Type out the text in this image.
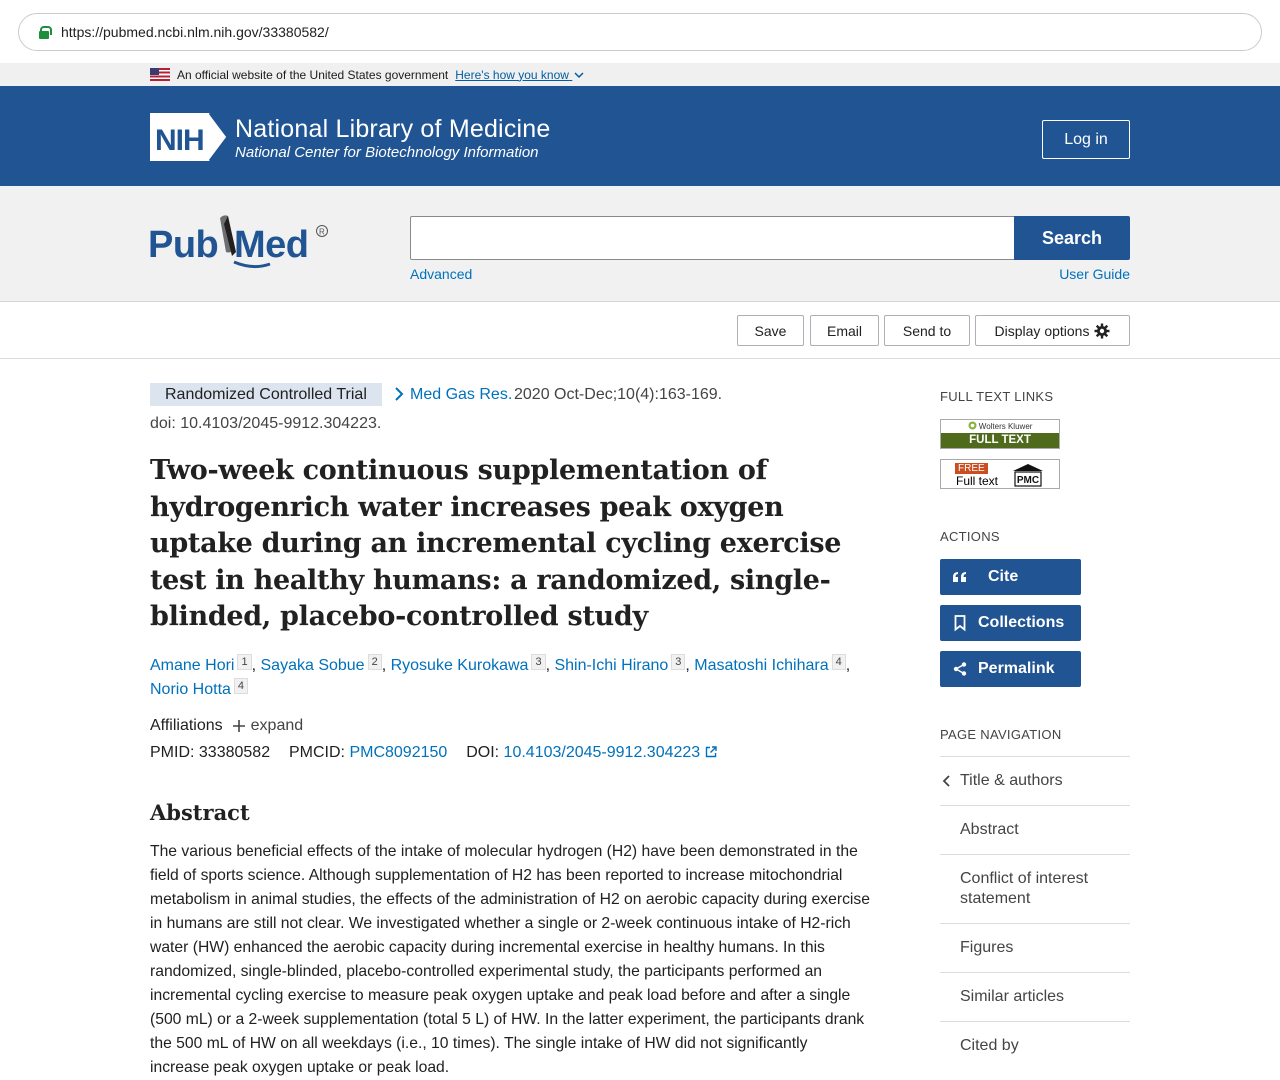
https://pubmed.ncbi.nlm.nih.gov/33380582/
An official website of the United States government Here's how you know
NIH National Library of Medicine
National Center for Biotechnology Information
Log in
Pub Med R	Search
Advanced	User Guide
Save	Email	Send to	Display options
Randomized Controlled Trial	Med Gas Res. 2020 Oct-Dec;10(4):163-169.
doi: 10.4103/2045-9912.304223.
Two-week continuous supplementation of hydrogenrich water increases peak oxygen uptake during an incremental cycling exercise test in healthy humans: a randomized, single-blinded, placebo-controlled study
Amane Hori $^1$ , Sayaka Sobue $^2$ , Ryosuke Kurokawa $^3$ , Shin-Ichi Hirano $^3$ , Masatoshi Ichihara $^4$ ,
Norio Hotta $^4$
Affiliations expand
PMID: 33380582 PMCID: PMC8092150 DOI: 10.4103/2045-9912.304223
Abstract

The various beneficial effects of the intake of molecular hydrogen (H2) have been demonstrated in the field of sports science. Although supplementation of H2 has been reported to increase mitochondrial metabolism in animal studies, the effects of the administration of H2 on aerobic capacity during exercise in humans are still not clear. We investigated whether a single or 2-week continuous intake of H2-rich water (HW) enhanced the aerobic capacity during incremental exercise in healthy humans. In this randomized, single-blinded, placebo-controlled experimental study, the participants performed an incremental cycling exercise to measure peak oxygen uptake and peak load before and after a single (500 mL) or a 2-week supplementation (total 5 L) of HW. In the latter experiment, the participants drank the 500 mL of HW on all weekdays (i.e., 10 times). The single intake of HW did not significantly increase peak oxygen uptake or peak load.

FULL TEXT LINKS
Wolters Kluwer
FULL TEXT
FREE
Full text PMC
ACTIONS
Cite
Collections
Permalink
PAGE NAVIGATION
Title & authors
Abstract
Conflict of interest statement
Figures
Similar articles
Cited by
